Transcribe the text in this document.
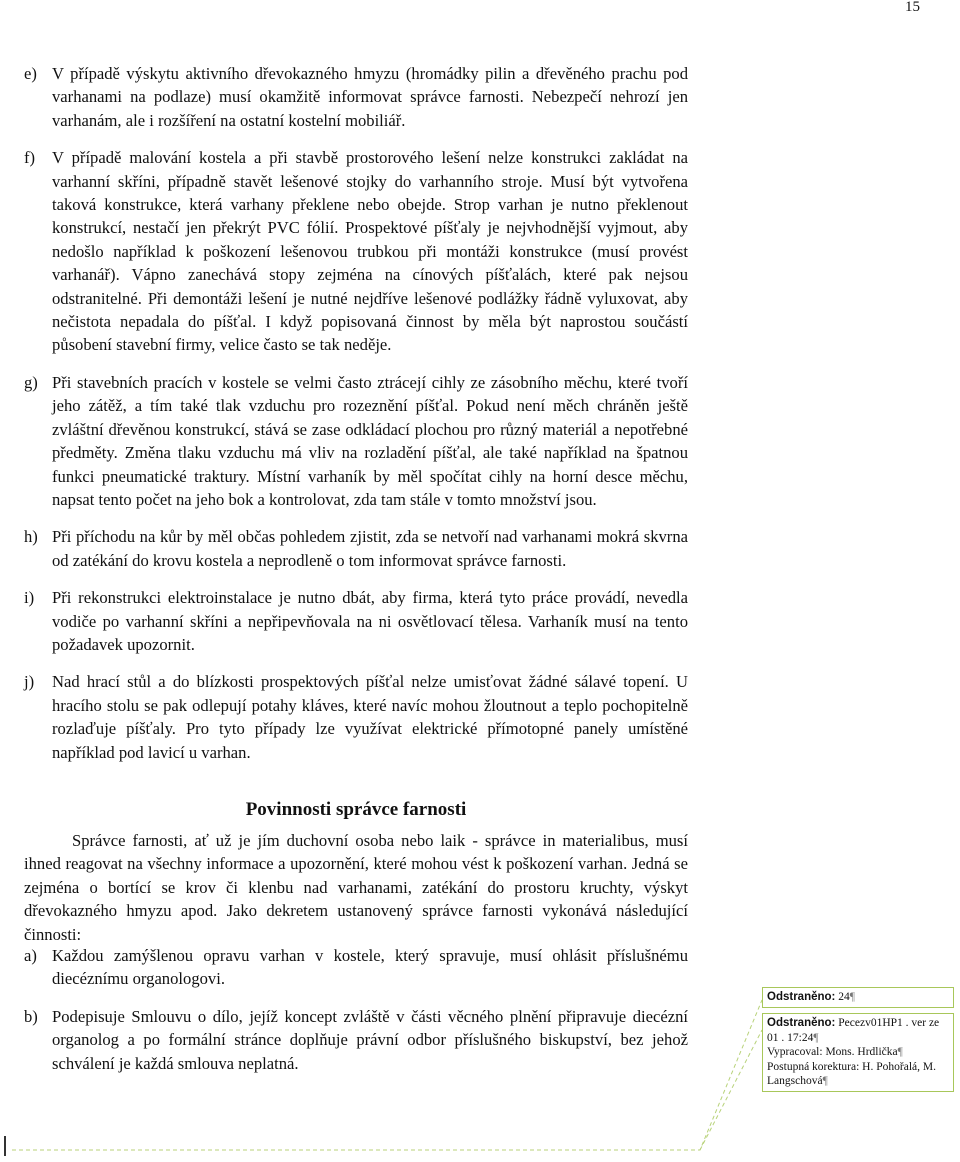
15
e) V případě výskytu aktivního dřevokazného hmyzu (hromádky pilin a dřevěného prachu pod varhanami na podlaze) musí okamžitě informovat správce farnosti. Nebezpečí nehrozí jen varhanám, ale i rozšíření na ostatní kostelní mobiliář.
f)	V případě malování kostela a při stavbě prostorového lešení nelze konstrukci zakládat na varhanní skříni, případně stavět lešenové stojky do varhanního stroje. Musí být vytvořena taková konstrukce, která varhany překlene nebo obejde. Strop varhan je nutno překlenout konstrukcí, nestačí jen překrýt PVC fólií. Prospektové píšťaly je nejvhodnější vyjmout, aby nedošlo například k poškození lešenovou trubkou při montáži konstrukce (musí provést varhanář). Vápno zanechává stopy zejména na cínových píšťalách, které pak nejsou odstranitelné. Při demontáži lešení je nutné nejdříve lešenové podlážky řádně vyluxovat, aby nečistota nepadala do píšťal. I když popisovaná činnost by měla být naprostou součástí působení stavební firmy, velice často se tak neděje.
g) Při stavebních pracích v kostele se velmi často ztrácejí cihly ze zásobního měchu, které tvoří jeho zátěž, a tím také tlak vzduchu pro rozeznění píšťal. Pokud není měch chráněn ještě zvláštní dřevěnou konstrukcí, stává se zase odkládací plochou pro různý materiál a nepotřebné předměty. Změna tlaku vzduchu má vliv na rozladění píšťal, ale také například na špatnou funkci pneumatické traktury. Místní varhaník by měl spočítat cihly na horní desce měchu, napsat tento počet na jeho bok a kontrolovat, zda tam stále v tomto množství jsou.
h) Při příchodu na kůr by měl občas pohledem zjistit, zda se netvoří nad varhanami mokrá skvrna od zatékání do krovu kostela a neprodleně o tom informovat správce farnosti.
i)	Při rekonstrukci elektroinstalace je nutno dbát, aby firma, která tyto práce provádí, nevedla vodiče po varhanní skříni a nepřipevňovala na ni osvětlovací tělesa. Varhaník musí na tento požadavek upozornit.
j)	Nad hrací stůl a do blízkosti prospektových píšťal nelze umisťovat žádné sálavé topení. U hracího stolu se pak odlepují potahy kláves, které navíc mohou žloutnout a teplo pochopitelně rozlaďuje píšťaly. Pro tyto případy lze využívat elektrické přímotopné panely umístěné například pod lavicí u varhan.
Povinnosti správce farnosti
Správce farnosti, ať už je jím duchovní osoba nebo laik - správce in materialibus, musí ihned reagovat na všechny informace a upozornění, které mohou vést k poškození varhan. Jedná se zejména o bortící se krov či klenbu nad varhanami, zatékání do prostoru kruchty, výskyt dřevokazného hmyzu apod. Jako dekretem ustanovený správce farnosti vykonává následující činnosti:
a) Každou zamýšlenou opravu varhan v kostele, který spravuje, musí ohlásit příslušnému diecéznímu organologovi.
b) Podepisuje Smlouvu o dílo, jejíž koncept zvláště v části věcného plnění připravuje diecézní organolog a po formální stránce doplňuje právní odbor příslušného biskupství, bez jehož schválení je každá smlouva neplatná.
Odstraněno: 24¶
Odstraněno: Pecezv01HP1 . ver ze 01 . 17:24¶
Vypracoval: Mons. Hrdlička¶
Postupná korektura: H. Pohořalá, M. Langschová¶
